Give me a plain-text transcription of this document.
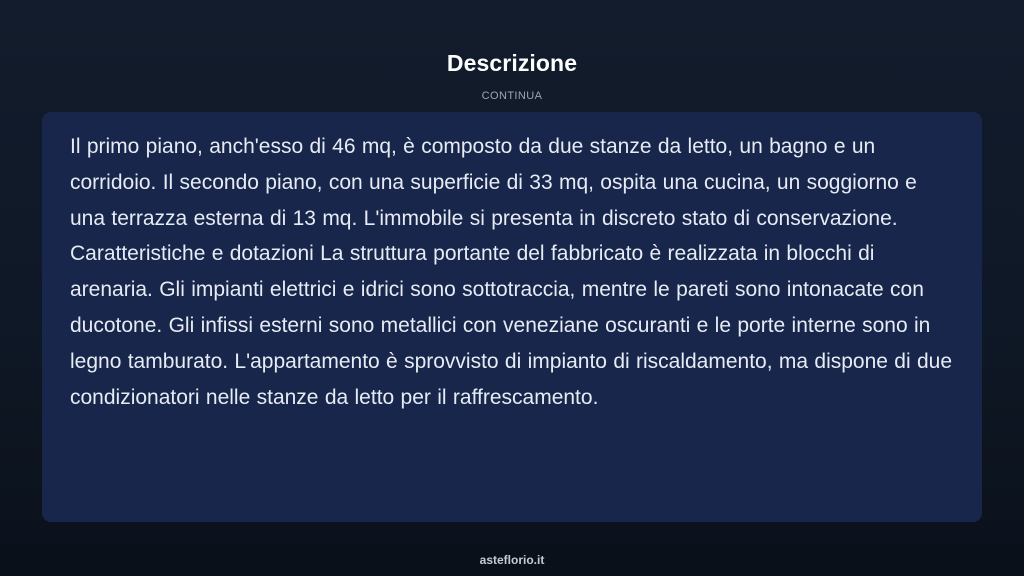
Descrizione
CONTINUA

Il primo piano, anch'esso di 46 mq, è composto da due stanze da letto, un bagno e un corridoio. Il secondo piano, con una superficie di 33 mq, ospita una cucina, un soggiorno e una terrazza esterna di 13 mq. L'immobile si presenta in discreto stato di conservazione. Caratteristiche e dotazioni La struttura portante del fabbricato è realizzata in blocchi di arenaria. Gli impianti elettrici e idrici sono sottotraccia, mentre le pareti sono intonacate con ducotone. Gli infissi esterni sono metallici con veneziane oscuranti e le porte interne sono in legno tamburato. L'appartamento è sprovvisto di impianto di riscaldamento, ma dispone di due condizionatori nelle stanze da letto per il raffrescamento.

asteflorio.it
